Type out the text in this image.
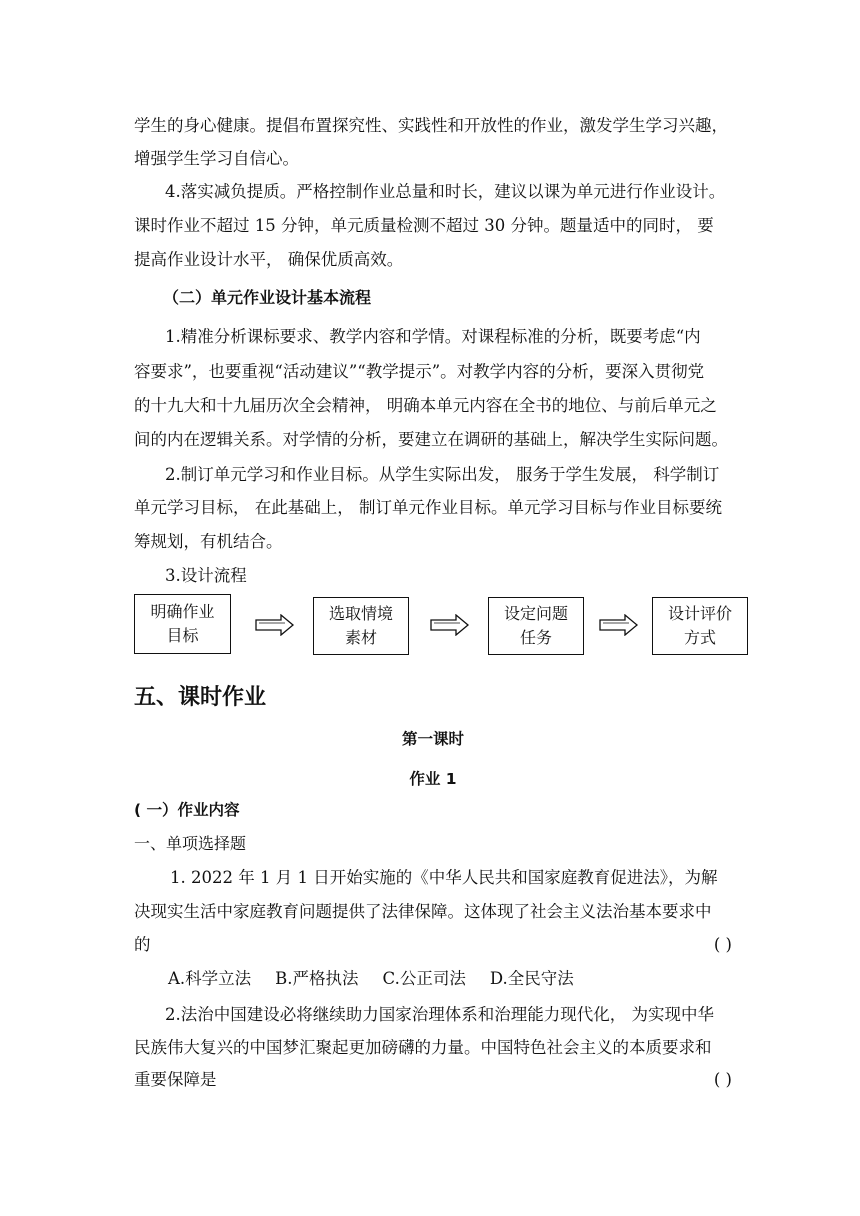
学生的身心健康。提倡布置探究性、实践性和开放性的作业，激发学生学习兴趣，
增强学生学习自信心。
4.落实减负提质。严格控制作业总量和时长，建议以课为单元进行作业设计。
课时作业不超过 15 分钟，单元质量检测不超过 30 分钟。题量适中的同时， 要
提高作业设计水平， 确保优质高效。
（二）单元作业设计基本流程
1.精准分析课标要求、教学内容和学情。对课程标准的分析，既要考虑“内
容要求”，也要重视“活动建议”“教学提示”。对教学内容的分析，要深入贯彻党
的十九大和十九届历次全会精神， 明确本单元内容在全书的地位、与前后单元之
间的内在逻辑关系。对学情的分析，要建立在调研的基础上，解决学生实际问题。
2.制订单元学习和作业目标。从学生实际出发， 服务于学生发展， 科学制订
单元学习目标， 在此基础上， 制订单元作业目标。单元学习目标与作业目标要统
筹规划，有机结合。
3.设计流程
明确作业
目标
选取情境
素材
设定问题
任务
设计评价
方式
五、课时作业
第一课时
作业 1
( 一）作业内容
一、单项选择题
1. 2022 年 1 月 1 日开始实施的《中华人民共和国家庭教育促进法》，为解
决现实生活中家庭教育问题提供了法律保障。这体现了社会主义法治基本要求中
的	( )
A.科学立法 B.严格执法 C.公正司法 D.全民守法
2.法治中国建设必将继续助力国家治理体系和治理能力现代化， 为实现中华
民族伟大复兴的中国梦汇聚起更加磅礴的力量。中国特色社会主义的本质要求和
重要保障是	( )
